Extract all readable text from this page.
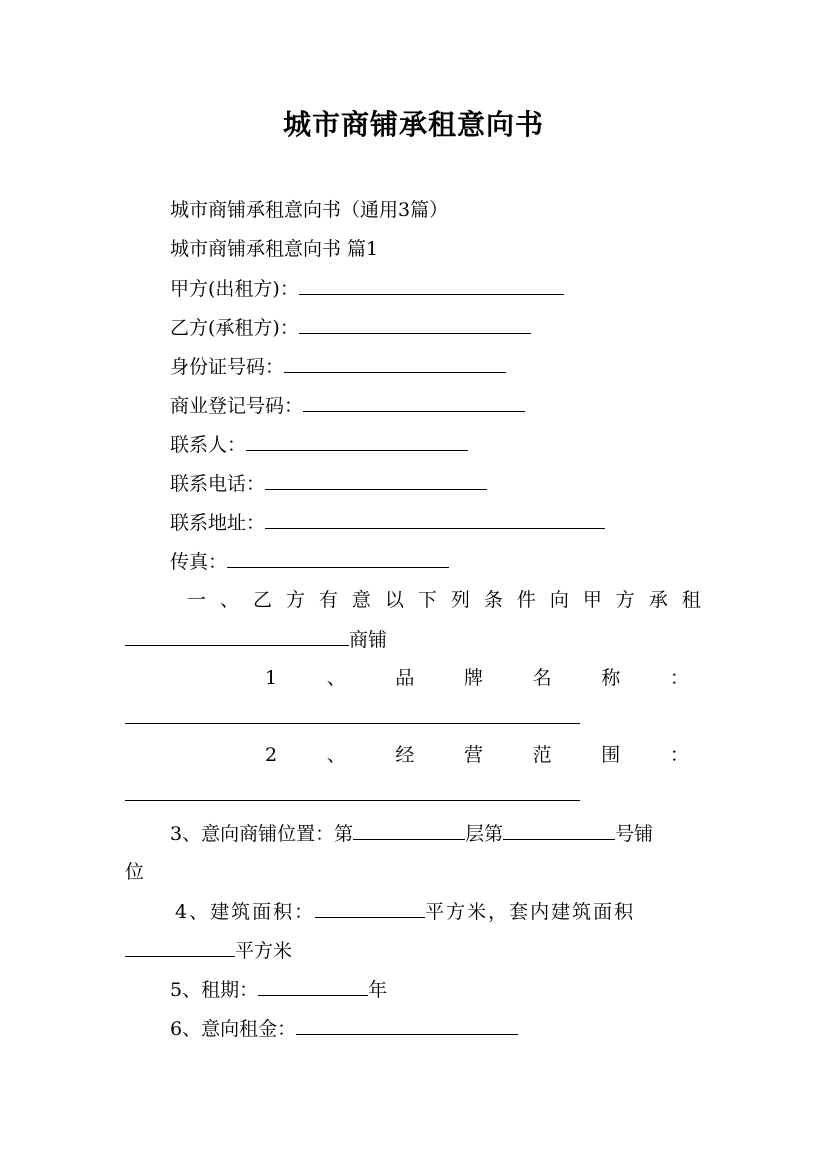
城市商铺承租意向书
城市商铺承租意向书（通用3篇）
城市商铺承租意向书 篇1
甲方(出租方)：
乙方(承租方)：
身份证号码：
商业登记号码：
联系人：
联系电话：
联系地址：
传真：
一 、 乙 方 有 意 以 下 列 条 件 向 甲 方 承 租
商铺
1	、	品	牌	名	称	：
2	、	经	营	范	围	：
3、意向商铺位置：第	层第	号铺
位
4、建筑面积：	平方米，套内建筑面积
平方米
5、租期：	年
6、意向租金：
